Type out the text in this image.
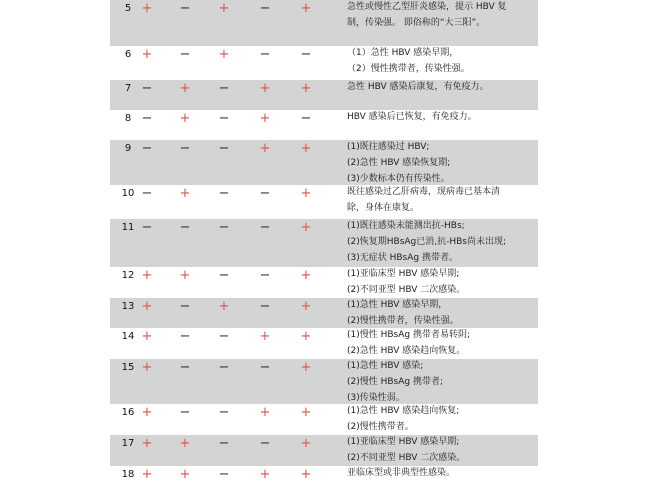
5 + − + − +	急性或慢性乙型肝炎感染，提示 HBV 复
制，传染强。 即俗称的“大三阳”。
6 + − + − −	（1）急性 HBV 感染早期，
（2）慢性携带者，传染性强。
7 − + − + +	急性 HBV 感染后康复，有免疫力。
8 − + − + −	HBV 感染后已恢复，有免疫力。
9 − − − + +	(1)既往感染过 HBV;
(2)急性 HBV 感染恢复期;
(3)少数标本仍有传染性。
10 − + − − +	既往感染过乙肝病毒，现病毒已基本清
除，身体在康复。
11 − − − − +	(1)既往感染未能测出抗-HBs;
(2)恢复期HBsAg已消,抗-HBs尚未出现;
(3)无症状 HBsAg 携带者。
12 + + − − +	(1)亚临床型 HBV 感染早期;
(2)不同亚型 HBV 二次感染。
13 + − + − +	(1)急性 HBV 感染早期，
(2)慢性携带者，传染性强。
14 + − − + +	(1)慢性 HBsAg 携带者易转阴;
(2)急性 HBV 感染趋向恢复。
15 + − − − +	(1)急性 HBV 感染;
(2)慢性 HBsAg 携带者;
(3)传染性弱。
16 + − − + +	(1)急性 HBV 感染趋向恢复;
(2)慢性携带者。
17 + + − − +	(1)亚临床型 HBV 感染早期;
(2)不同亚型 HBV 二次感染。
18 + + − + +	亚临床型或非典型性感染。
